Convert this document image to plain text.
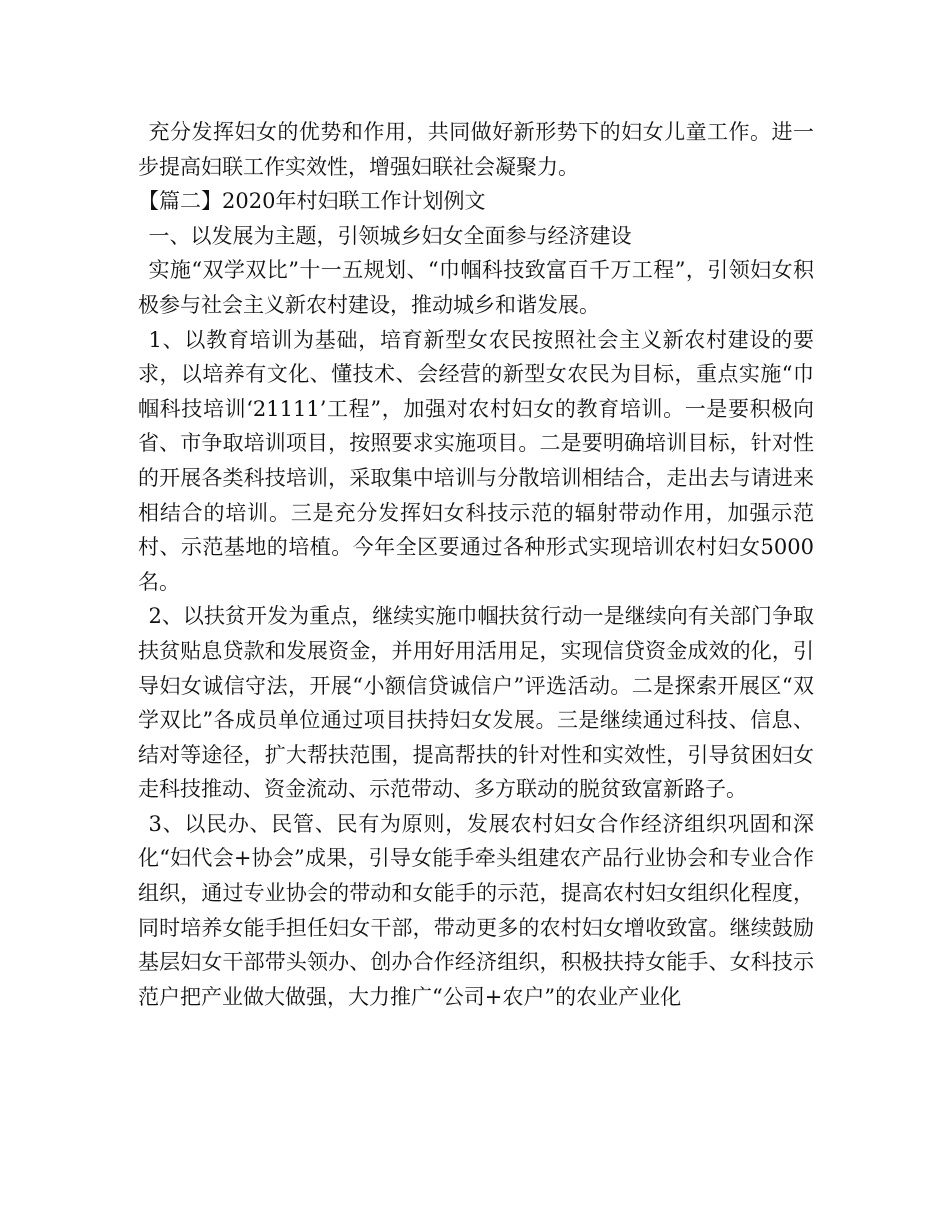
充分发挥妇女的优势和作用，共同做好新形势下的妇女儿童工作。进一步提高妇联工作实效性，增强妇联社会凝聚力。

【篇二】2020年村妇联工作计划例文

一、以发展为主题，引领城乡妇女全面参与经济建设

实施“双学双比”十一五规划、“巾帼科技致富百千万工程”，引领妇女积极参与社会主义新农村建设，推动城乡和谐发展。

1、以教育培训为基础，培育新型女农民按照社会主义新农村建设的要求，以培养有文化、懂技术、会经营的新型女农民为目标，重点实施“巾帼科技培训‘21111’工程”，加强对农村妇女的教育培训。一是要积极向省、市争取培训项目，按照要求实施项目。二是要明确培训目标，针对性的开展各类科技培训，采取集中培训与分散培训相结合，走出去与请进来相结合的培训。三是充分发挥妇女科技示范的辐射带动作用，加强示范村、示范基地的培植。今年全区要通过各种形式实现培训农村妇女5000名。

2、以扶贫开发为重点，继续实施巾帼扶贫行动一是继续向有关部门争取扶贫贴息贷款和发展资金，并用好用活用足，实现信贷资金成效的化，引导妇女诚信守法，开展“小额信贷诚信户”评选活动。二是探索开展区“双学双比”各成员单位通过项目扶持妇女发展。三是继续通过科技、信息、结对等途径，扩大帮扶范围，提高帮扶的针对性和实效性，引导贫困妇女走科技推动、资金流动、示范带动、多方联动的脱贫致富新路子。

3、以民办、民管、民有为原则，发展农村妇女合作经济组织巩固和深化“妇代会+协会”成果，引导女能手牵头组建农产品行业协会和专业合作组织，通过专业协会的带动和女能手的示范，提高农村妇女组织化程度，同时培养女能手担任妇女干部，带动更多的农村妇女增收致富。继续鼓励基层妇女干部带头领办、创办合作经济组织，积极扶持女能手、女科技示范户把产业做大做强，大力推广“公司+农户”的农业产业化
